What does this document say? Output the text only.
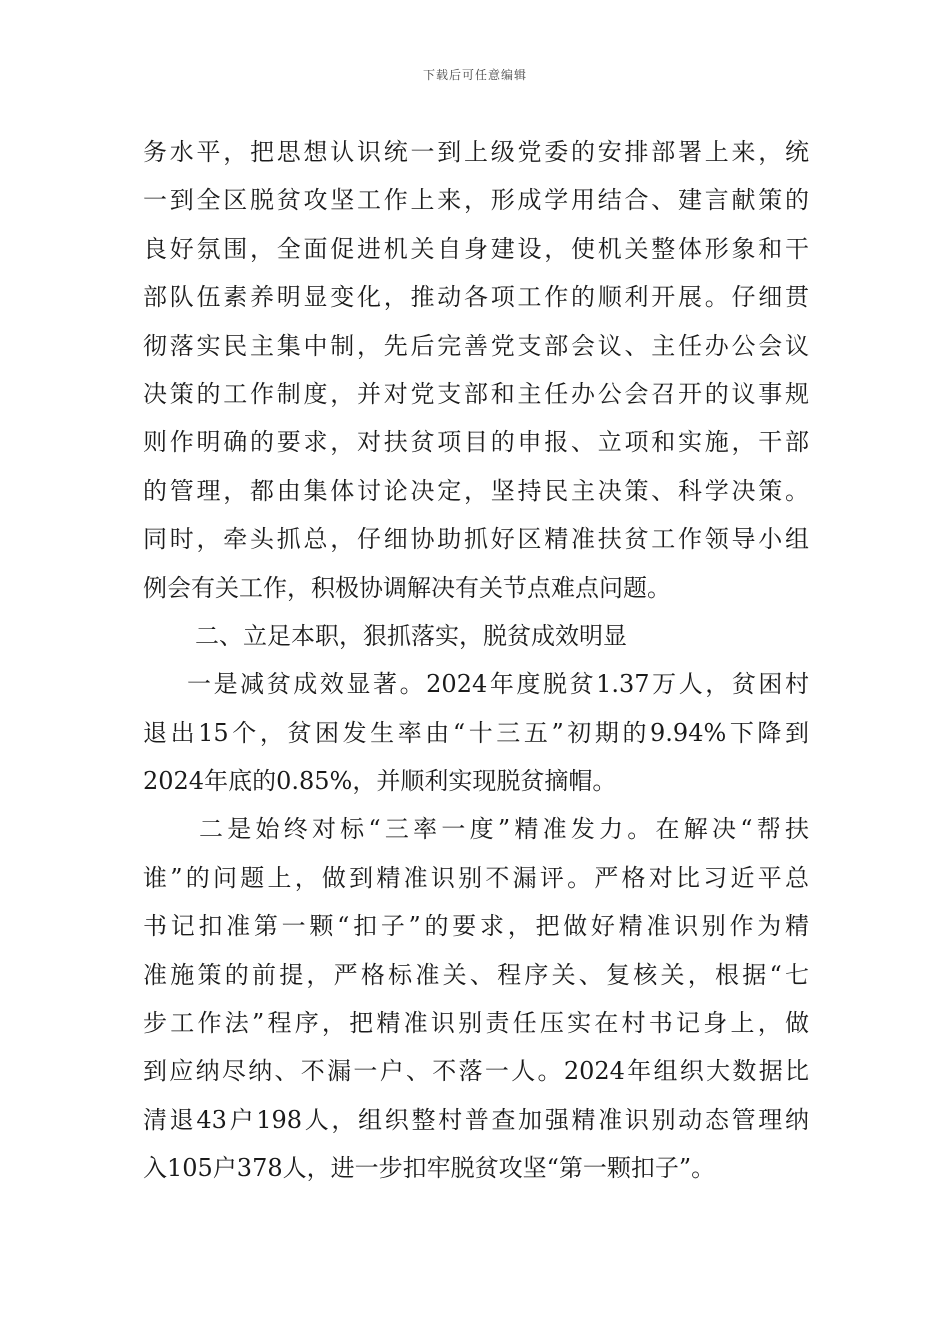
下载后可任意编辑
务水平，把思想认识统一到上级党委的安排部署上来，统
一到全区脱贫攻坚工作上来，形成学用结合、建言献策的
良好氛围，全面促进机关自身建设，使机关整体形象和干
部队伍素养明显变化，推动各项工作的顺利开展。仔细贯
彻落实民主集中制，先后完善党支部会议、主任办公会议
决策的工作制度，并对党支部和主任办公会召开的议事规
则作明确的要求，对扶贫项目的申报、立项和实施，干部
的管理，都由集体讨论决定，坚持民主决策、科学决策。
同时，牵头抓总，仔细协助抓好区精准扶贫工作领导小组
例会有关工作，积极协调解决有关节点难点问题。
二、立足本职，狠抓落实，脱贫成效明显
一是减贫成效显著。2024年度脱贫1.37万人，贫困村
退出15个，贫困发生率由“十三五”初期的9.94%下降到
2024年底的0.85%，并顺利实现脱贫摘帽。
二是始终对标“三率一度”精准发力。在解决“帮扶
谁”的问题上，做到精准识别不漏评。严格对比习近平总
书记扣准第一颗“扣子”的要求，把做好精准识别作为精
准施策的前提，严格标准关、程序关、复核关，根据“七
步工作法”程序，把精准识别责任压实在村书记身上，做
到应纳尽纳、不漏一户、不落一人。2024年组织大数据比
清退43户198人，组织整村普查加强精准识别动态管理纳
入105户378人，进一步扣牢脱贫攻坚“第一颗扣子”。
